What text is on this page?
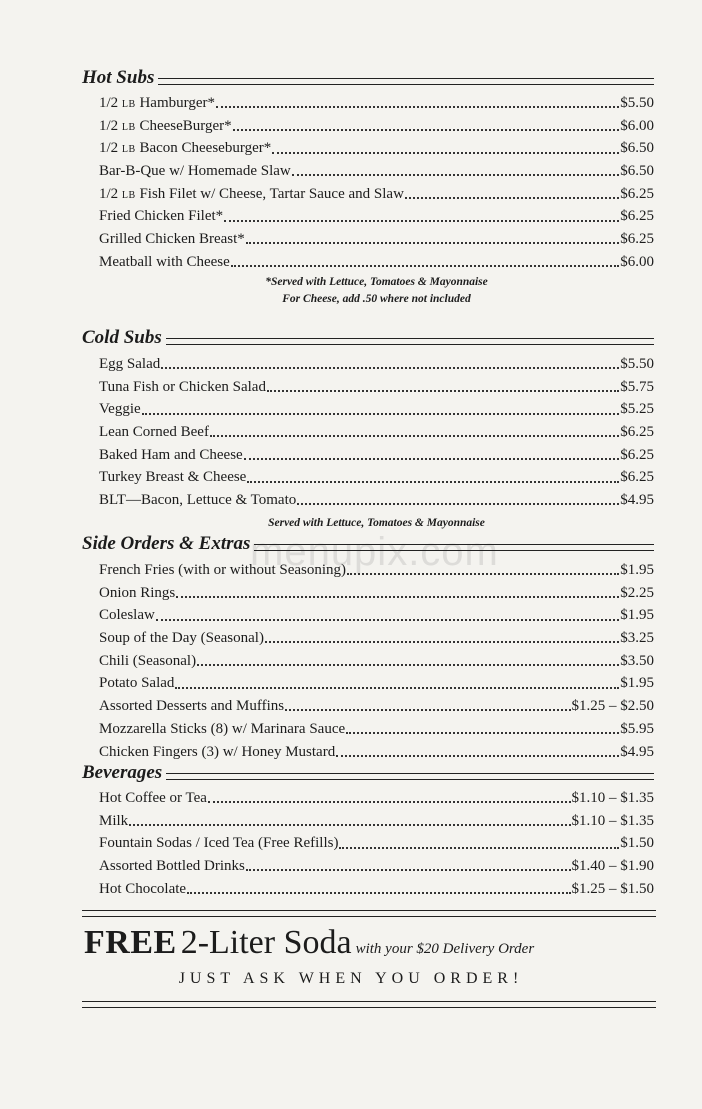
menupix.com
Hot Subs
1/2 LB Hamburger*	$5.50
1/2 LB CheeseBurger*	$6.00
1/2 LB Bacon Cheeseburger*	$6.50
Bar-B-Que w/ Homemade Slaw	$6.50
1/2 LB Fish Filet w/ Cheese, Tartar Sauce and Slaw	$6.25
Fried Chicken Filet*	$6.25
Grilled Chicken Breast*	$6.25
Meatball with Cheese	$6.00
*Served with Lettuce, Tomatoes & Mayonnaise
For Cheese, add .50 where not included
Cold Subs
Egg Salad	$5.50
Tuna Fish or Chicken Salad	$5.75
Veggie	$5.25
Lean Corned Beef	$6.25
Baked Ham and Cheese	$6.25
Turkey Breast & Cheese	$6.25
BLT—Bacon, Lettuce & Tomato	$4.95
Served with Lettuce, Tomatoes & Mayonnaise
Side Orders & Extras
French Fries (with or without Seasoning)	$1.95
Onion Rings	$2.25
Coleslaw	$1.95
Soup of the Day (Seasonal)	$3.25
Chili (Seasonal)	$3.50
Potato Salad	$1.95
Assorted Desserts and Muffins	$1.25 – $2.50
Mozzarella Sticks (8) w/ Marinara Sauce	$5.95
Chicken Fingers (3) w/ Honey Mustard	$4.95
Beverages
Hot Coffee or Tea	$1.10 – $1.35
Milk	$1.10 – $1.35
Fountain Sodas / Iced Tea (Free Refills)	$1.50
Assorted Bottled Drinks	$1.40 – $1.90
Hot Chocolate	$1.25 – $1.50
FREE 2-Liter Soda with your $20 Delivery Order
JUST ASK WHEN YOU ORDER!
